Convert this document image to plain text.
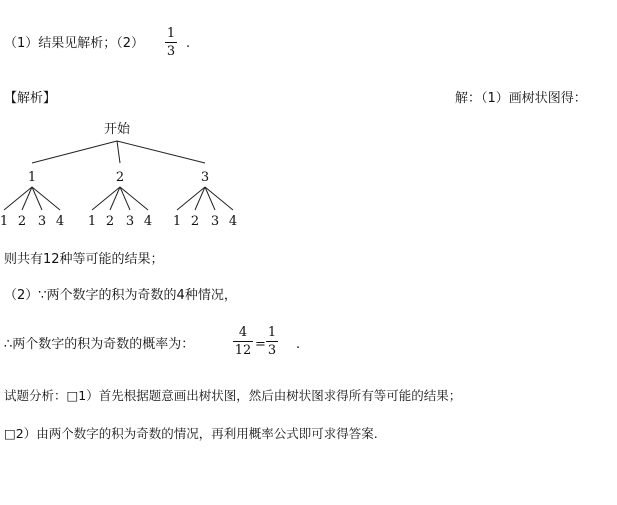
（1）结果见解析；（2）
1
3
.
【解析】	解：（1）画树状图得：
开始
1	2	3
1 2 3 4 1 2 3 4 1 2 3 4
则共有12种等可能的结果；
（2）∵两个数字的积为奇数的4种情况，
∴两个数字的积为奇数的概率为：
4
12 =
1
3 .
试题分析：□1）首先根据题意画出树状图，然后由树状图求得所有等可能的结果；
□2）由两个数字的积为奇数的情况，再利用概率公式即可求得答案.
